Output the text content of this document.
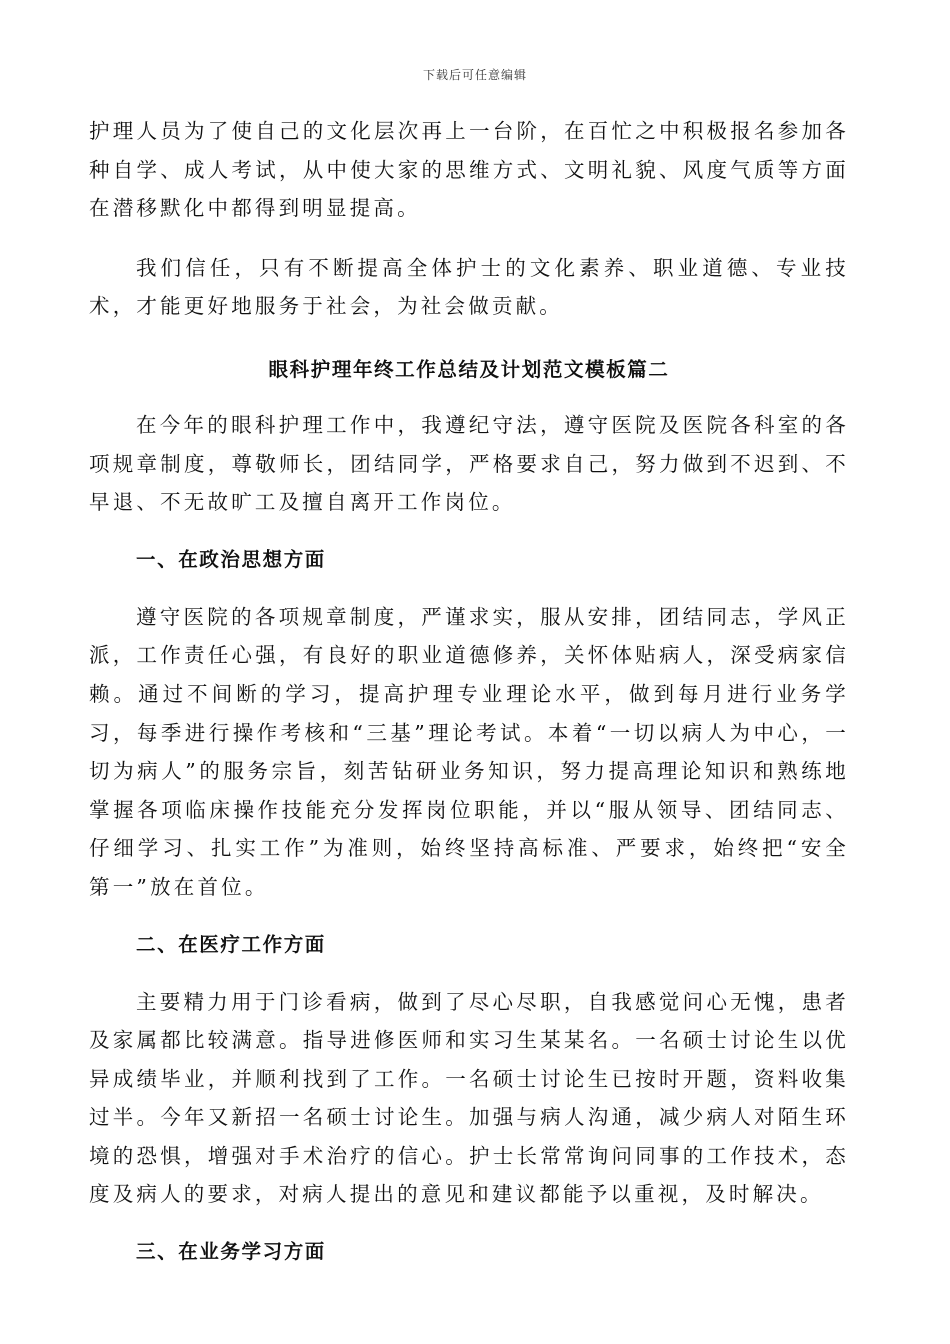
下载后可任意编辑

护理人员为了使自己的文化层次再上一台阶，在百忙之中积极报名参加各种自学、成人考试，从中使大家的思维方式、文明礼貌、风度气质等方面在潜移默化中都得到明显提高。

我们信任，只有不断提高全体护士的文化素养、职业道德、专业技术，才能更好地服务于社会，为社会做贡献。

眼科护理年终工作总结及计划范文模板篇二

在今年的眼科护理工作中，我遵纪守法，遵守医院及医院各科室的各项规章制度，尊敬师长，团结同学，严格要求自己，努力做到不迟到、不早退、不无故旷工及擅自离开工作岗位。

一、在政治思想方面

遵守医院的各项规章制度，严谨求实，服从安排，团结同志，学风正派，工作责任心强，有良好的职业道德修养，关怀体贴病人，深受病家信赖。通过不间断的学习，提高护理专业理论水平，做到每月进行业务学习，每季进行操作考核和“三基”理论考试。本着“一切以病人为中心，一切为病人”的服务宗旨，刻苦钻研业务知识，努力提高理论知识和熟练地掌握各项临床操作技能充分发挥岗位职能，并以“服从领导、团结同志、仔细学习、扎实工作”为准则，始终坚持高标准、严要求，始终把“安全第一”放在首位。

二、在医疗工作方面

主要精力用于门诊看病，做到了尽心尽职，自我感觉问心无愧，患者及家属都比较满意。指导进修医师和实习生某某名。一名硕士讨论生以优异成绩毕业，并顺利找到了工作。一名硕士讨论生已按时开题，资料收集过半。今年又新招一名硕士讨论生。加强与病人沟通，减少病人对陌生环境的恐惧，增强对手术治疗的信心。护士长常常询问同事的工作技术，态度及病人的要求，对病人提出的意见和建议都能予以重视，及时解决。

三、在业务学习方面
